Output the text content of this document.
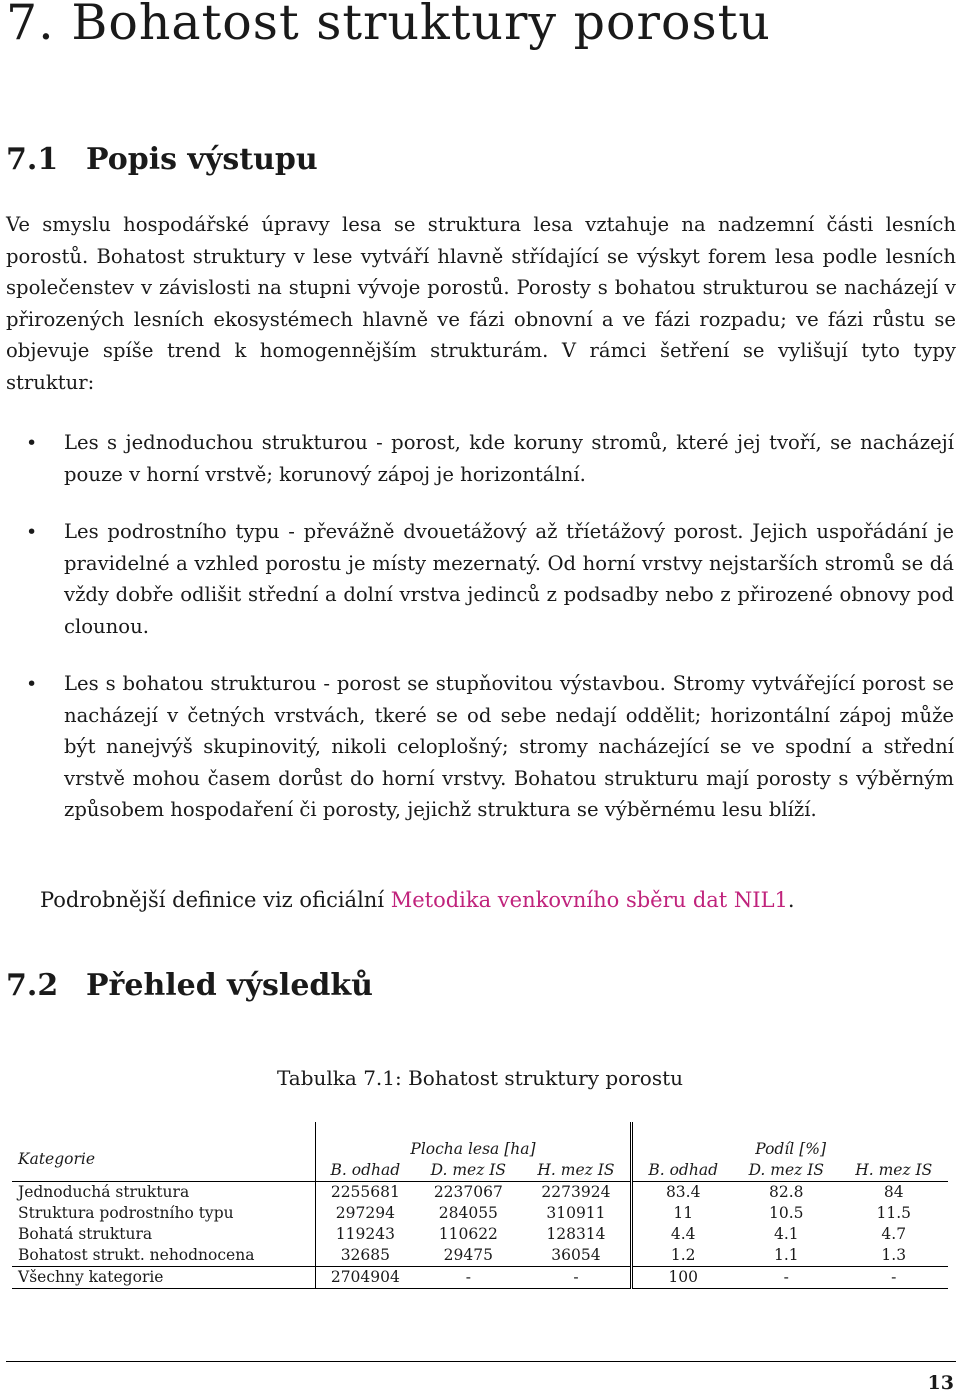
7. Bohatost struktury porostu
7.1 Popis výstupu

Ve smyslu hospodářské úpravy lesa se struktura lesa vztahuje na nadzemní části lesních porostů. Bohatost struktury v lese vytváří hlavně střídající se výskyt forem lesa podle lesních společenstev v závislosti na stupni vývoje porostů. Porosty s bohatou strukturou se nacházejí v přirozených lesních ekosystémech hlavně ve fázi obnovní a ve fázi rozpadu; ve fázi růstu se objevuje spíše trend k homogennějším strukturám. V rámci šetření se vylišují tyto typy struktur:

• Les s jednoduchou strukturou - porost, kde koruny stromů, které jej tvoří, se nacházejí pouze v horní vrstvě; korunový zápoj je horizontální.
• Les podrostního typu - převážně dvouetážový až tříetážový porost. Jejich uspořádání je pravidelné a vzhled porostu je místy mezernatý. Od horní vrstvy nejstarších stromů se dá vždy dobře odlišit střední a dolní vrstva jedinců z podsadby nebo z přirozené obnovy pod clounou.
• Les s bohatou strukturou - porost se stupňovitou výstavbou. Stromy vytvářející porost se nacházejí v četných vrstvách, tkeré se od sebe nedají oddělit; horizontální zápoj může být nanejvýš skupinovitý, nikoli celoplošný; stromy nacházející se ve spodní a střední vrstvě mohou časem dorůst do horní vrstvy. Bohatou strukturu mají porosty s výběrným způsobem hospodaření či porosty, jejichž struktura se výběrnému lesu blíží.

Podrobnější definice viz oficiální Metodika venkovního sběru dat NIL1.

7.2 Přehled výsledků

Tabulka 7.1: Bohatost struktury porostu

Kategorie	Plocha lesa [ha]			Podíl [%]		
	B. odhad	D. mez IS	H. mez IS	B. odhad	D. mez IS	H. mez IS
Jednoduchá struktura	2255681	2237067	2273924	83.4	82.8	84
Struktura podrostního typu	297294	284055	310911	11	10.5	11.5
Bohatá struktura	119243	110622	128314	4.4	4.1	4.7
Bohatost strukt. nehodnocena	32685	29475	36054	1.2	1.1	1.3
Všechny kategorie	2704904	-	-	100	-	-

13
